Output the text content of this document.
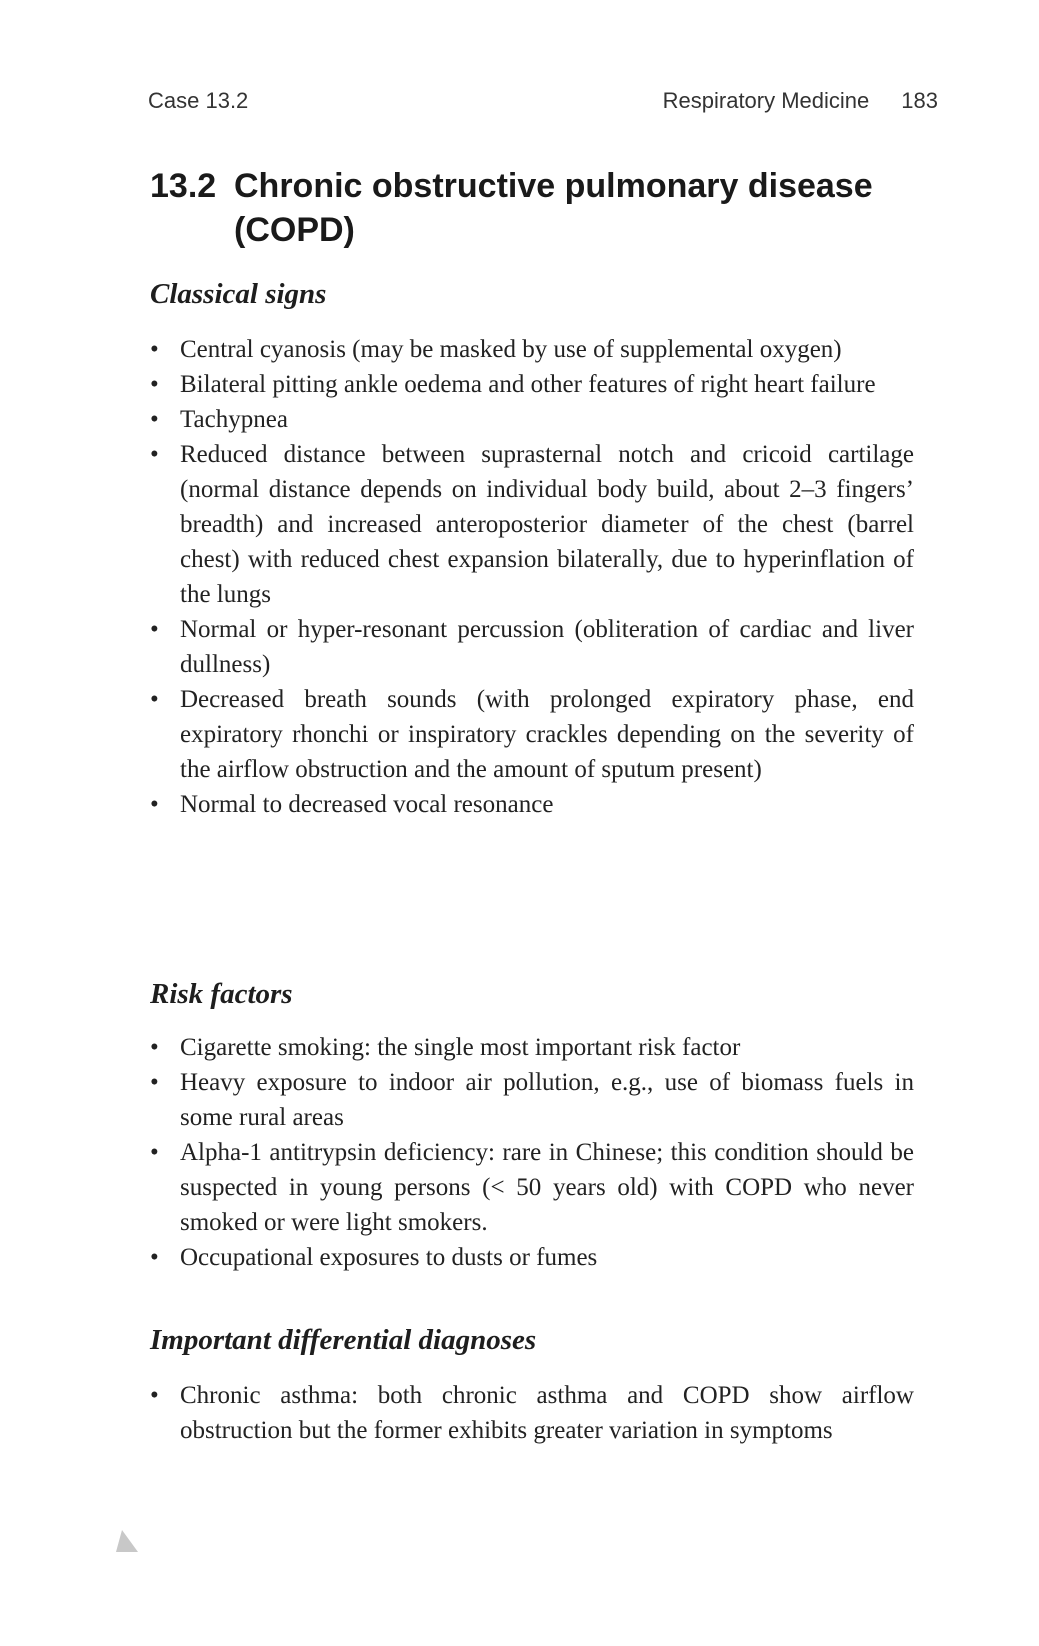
Case 13.2	Respiratory Medicine 183
13.2 Chronic obstructive pulmonary disease (COPD)
Classical signs
• Central cyanosis (may be masked by use of supplemental oxygen)
• Bilateral pitting ankle oedema and other features of right heart failure
• Tachypnea
• Reduced distance between suprasternal notch and cricoid cartilage (normal distance depends on individual body build, about 2–3 fingers’ breadth) and increased anteroposterior diameter of the chest (barrel chest) with reduced chest expansion bilaterally, due to hyperinflation of the lungs
• Normal or hyper-resonant percussion (obliteration of cardiac and liver dullness)
• Decreased breath sounds (with prolonged expiratory phase, end expiratory rhonchi or inspiratory crackles depending on the severity of the airflow obstruction and the amount of sputum present)
• Normal to decreased vocal resonance
Risk factors
• Cigarette smoking: the single most important risk factor
• Heavy exposure to indoor air pollution, e.g., use of biomass fuels in some rural areas
• Alpha-1 antitrypsin deficiency: rare in Chinese; this condition should be suspected in young persons (< 50 years old) with COPD who never smoked or were light smokers.
• Occupational exposures to dusts or fumes
Important differential diagnoses
• Chronic asthma: both chronic asthma and COPD show airflow obstruction but the former exhibits greater variation in symptoms
